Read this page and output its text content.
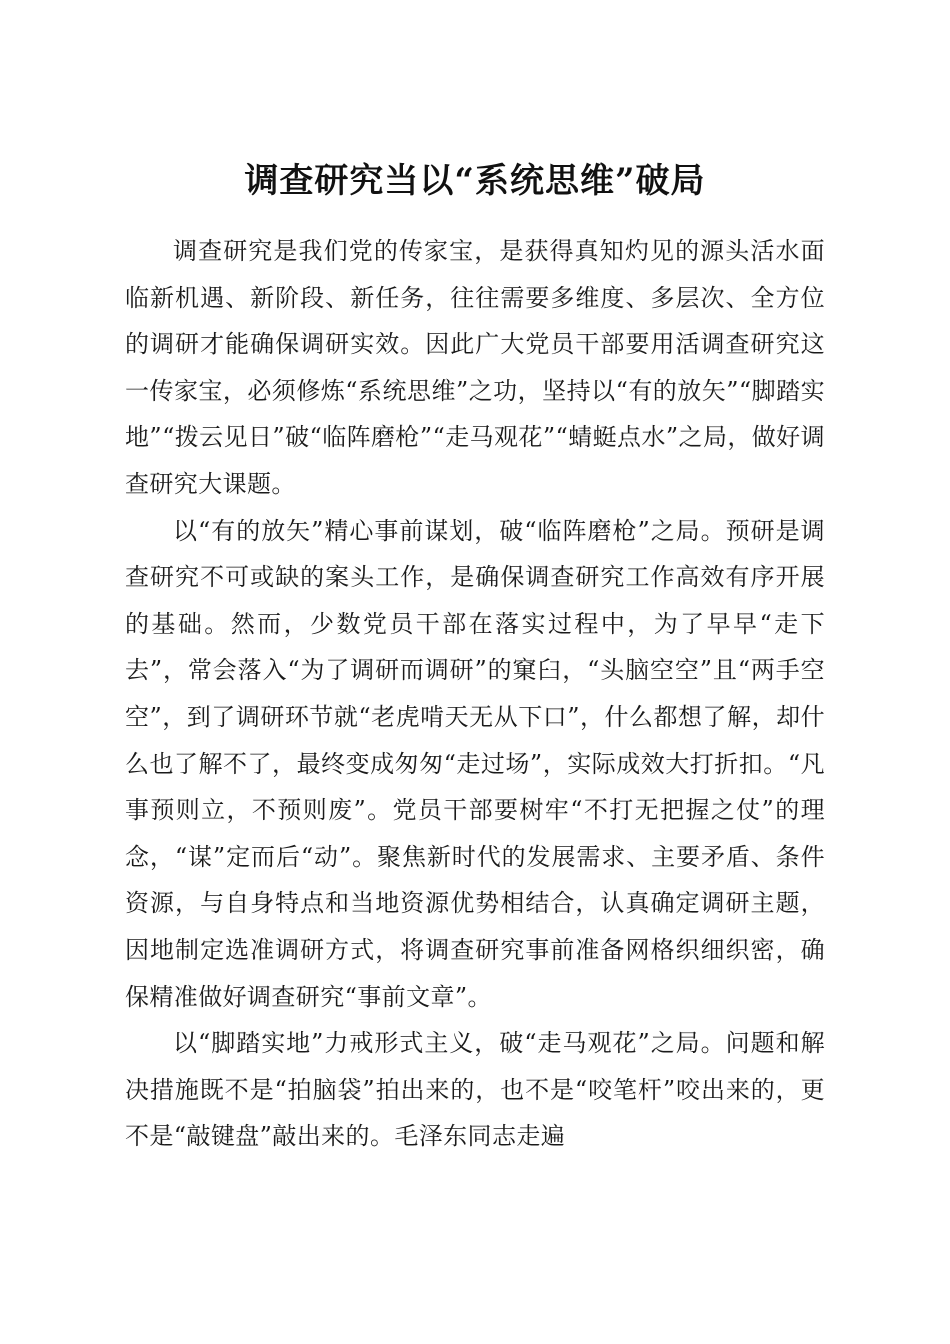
调查研究当以“系统思维”破局

调查研究是我们党的传家宝，是获得真知灼见的源头活水面临新机遇、新阶段、新任务，往往需要多维度、多层次、全方位的调研才能确保调研实效。因此广大党员干部要用活调查研究这一传家宝，必须修炼“系统思维”之功，坚持以“有的放矢”“脚踏实地”“拨云见日”破“临阵磨枪”“走马观花”“蜻蜓点水”之局，做好调查研究大课题。

以“有的放矢”精心事前谋划，破“临阵磨枪”之局。预研是调查研究不可或缺的案头工作，是确保调查研究工作高效有序开展的基础。然而，少数党员干部在落实过程中，为了早早“走下去”，常会落入“为了调研而调研”的窠臼，“头脑空空”且“两手空空”，到了调研环节就“老虎啃天无从下口”，什么都想了解，却什么也了解不了，最终变成匆匆“走过场”，实际成效大打折扣。“凡事预则立，不预则废”。党员干部要树牢“不打无把握之仗”的理念，“谋”定而后“动”。聚焦新时代的发展需求、主要矛盾、条件资源，与自身特点和当地资源优势相结合，认真确定调研主题，因地制定选准调研方式，将调查研究事前准备网格织细织密，确保精准做好调查研究“事前文章”。

以“脚踏实地”力戒形式主义，破“走马观花”之局。问题和解决措施既不是“拍脑袋”拍出来的，也不是“咬笔杆”咬出来的，更不是“敲键盘”敲出来的。毛泽东同志走遍
